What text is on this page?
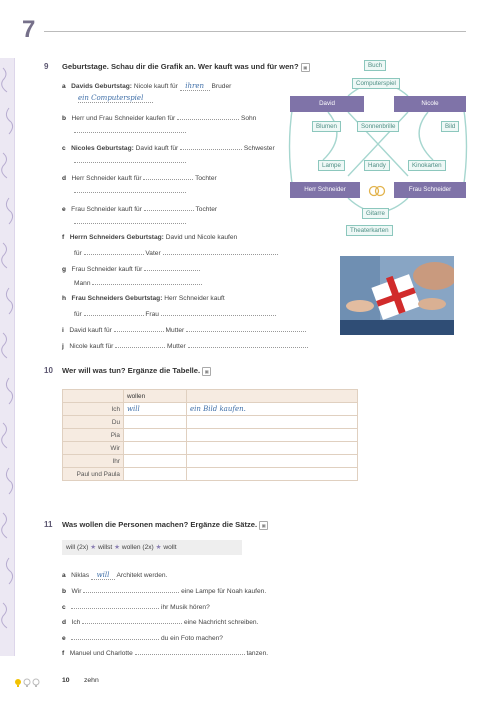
7
9 Geburtstage. Schau dir die Grafik an. Wer kauft was und für wen? ▣
a Davids Geburtstag: Nicole kauft für ihren Bruder
ein Computerspiel
b Herr und Frau Schneider kaufen für	Sohn
c Nicoles Geburtstag: David kauft für	Schwester
d Herr Schneider kauft für	Tochter
e Frau Schneider kauft für	Tochter
f Herrn Schneiders Geburtstag: David und Nicole kaufen
für	Vater
g Frau Schneider kauft für
Mann
h Frau Schneiders Geburtstag: Herr Schneider kauft
für	Frau
i David kauft für	Mutter
j Nicole kauft für	Mutter
Buch
Computerspiel
David	Nicole
Blumen	Sonnenbrille	Bild
Lampe	Handy	Kinokarten
Herr Schneider	Frau Schneider
Gitarre
Theaterkarten
10 Wer will was tun? Ergänze die Tabelle. ▣
	wollen	
Ich	will	ein Bild kaufen.
Du		
Pia		
Wir		
Ihr		
Paul und Paula		
11 Was wollen die Personen machen? Ergänze die Sätze. ▣
will (2x) ★ willst ★ wollen (2x) ★ wollt
a Niklas will Architekt werden.
b Wir	eine Lampe für Noah kaufen.
c	ihr Musik hören?
d Ich	eine Nachricht schreiben.
e	du ein Foto machen?
f Manuel und Charlotte	tanzen.
10 zehn
